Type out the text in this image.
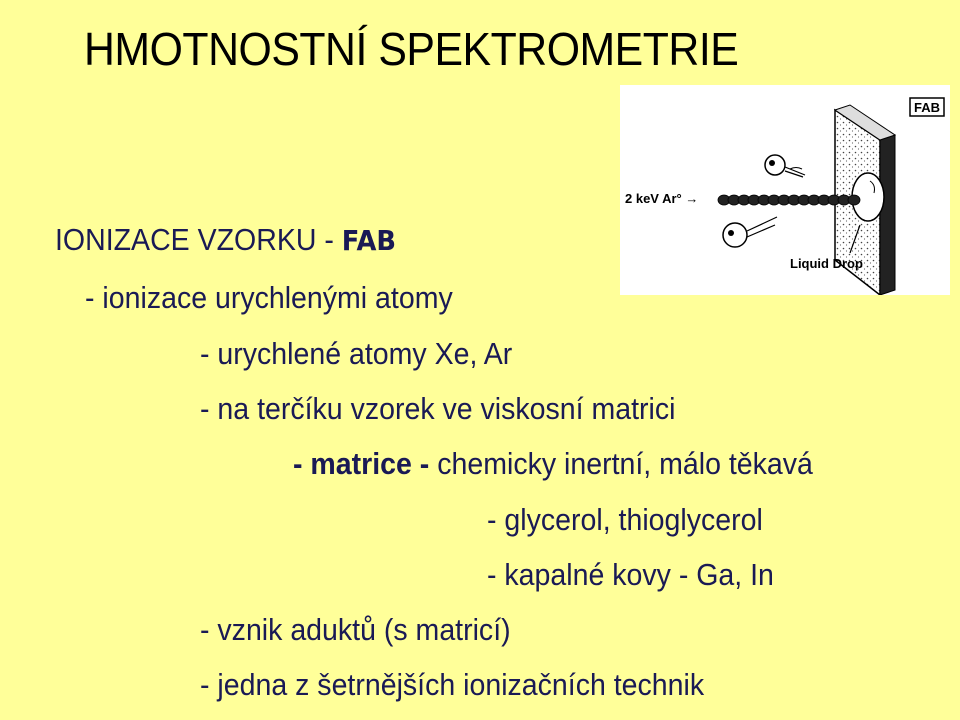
HMOTNOSTNÍ SPEKTROMETRIE
IONIZACE VZORKU - FAB
- ionizace urychlenými atomy
- urychlené atomy Xe, Ar
- na terčíku vzorek ve viskosní matrici
- matrice - chemicky inertní, málo těkavá
- glycerol, thioglycerol
- kapalné kovy - Ga, In
- vznik aduktů (s matricí)
- jedna z šetrnějších ionizačních technik
FAB
2 keV Ar° →
Liquid Drop
